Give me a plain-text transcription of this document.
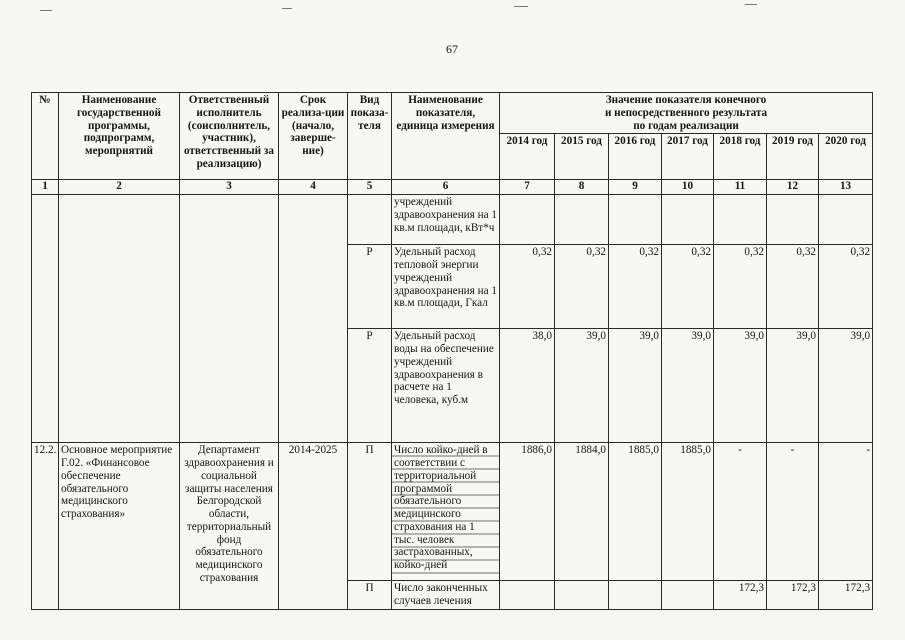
67
№	Наименование государственной программы, подпрограмм, мероприятий	Ответственный исполнитель (соисполнитель, участник), ответственный за реализацию)	Срок реализа-ции (начало, заверше-ние)	Вид показа-теля	Наименование показателя, единица измерения	Значение показателя конечного
и непосредственного результата
по годам реализации						

						2014 год	2015 год	2016 год	2017 год	2018 год	2019 год	2020 год
1	2	3	4	5	6	7	8	9	10	11	12	13
					учреждений здравоохранения на 1 кв.м площади, кВт*ч							
				Р	Удельный расход тепловой энергии учреждений здравоохранения на 1 кв.м площади, Гкал	0,32	0,32	0,32	0,32	0,32	0,32	0,32
				Р	Удельный расход воды на обеспечение учреждений здравоохранения в расчете на 1 человека, куб.м	38,0	39,0	39,0	39,0	39,0	39,0	39,0
12.2.	Основное мероприятие Г.02. «Финансовое обеспечение обязательного медицинского страхования»	Департамент здравоохранения и социальной защиты населения Белгородской области, территориальный фонд обязательного медицинского страхования	2014-2025	П	Число койко-дней в соответствии с территориальной программой обязательного медицинского страхования на 1 тыс. человек застрахованных, койко-дней	1886,0	1884,0	1885,0	1885,0	-	-	-
				П	Число законченных случаев лечения					172,3	172,3	172,3
